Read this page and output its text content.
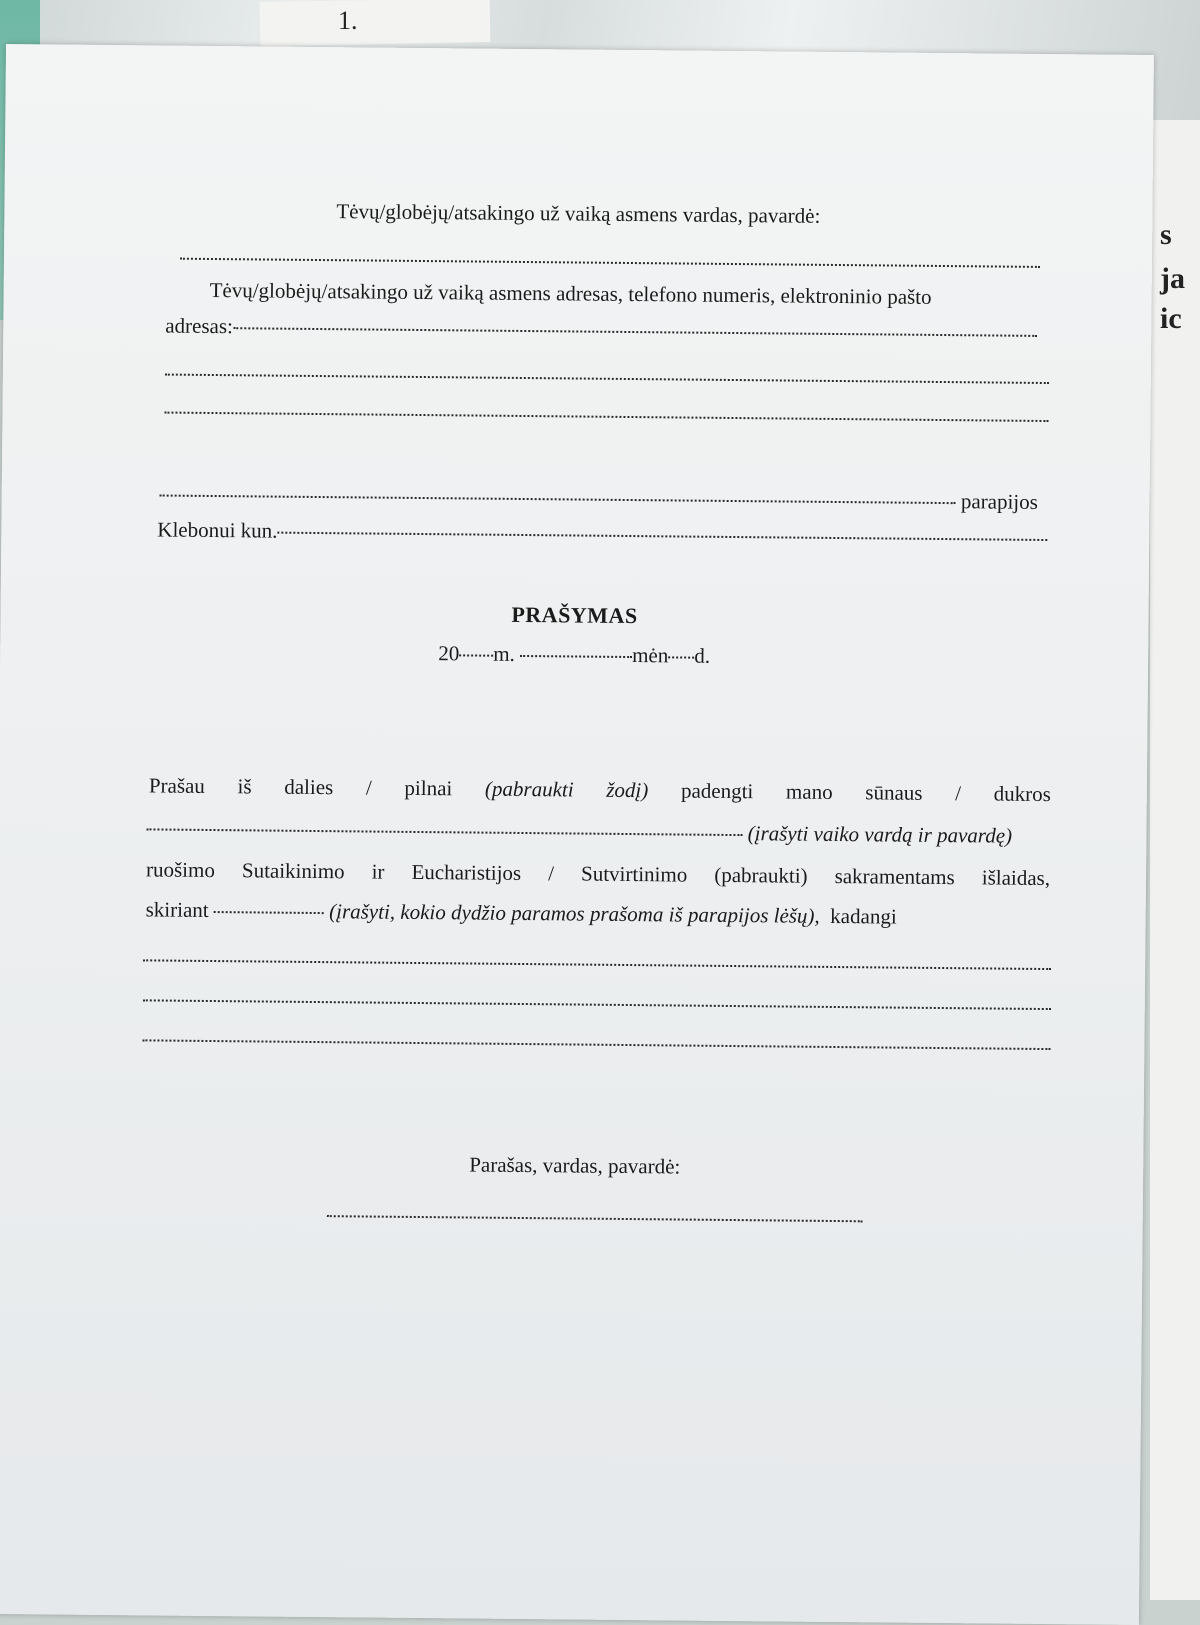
1.
s
ja
ic
Tėvų/globėjų/atsakingo už vaiką asmens vardas, pavardė:
Tėvų/globėjų/atsakingo už vaiką asmens adresas, telefono numeris, elektroninio pašto
adresas:
parapijos
Klebonui kun.
PRAŠYMAS
20 m.	mėn d.
Prašau iš dalies / pilnai (pabraukti žodį) padengti mano sūnaus / dukros
(įrašyti vaiko vardą ir pavardę)
ruošimo Sutaikinimo ir Eucharistijos / Sutvirtinimo (pabraukti) sakramentams išlaidas,
skiriant	(įrašyti, kokio dydžio paramos prašoma iš parapijos lėšų), kadangi
Parašas, vardas, pavardė:
